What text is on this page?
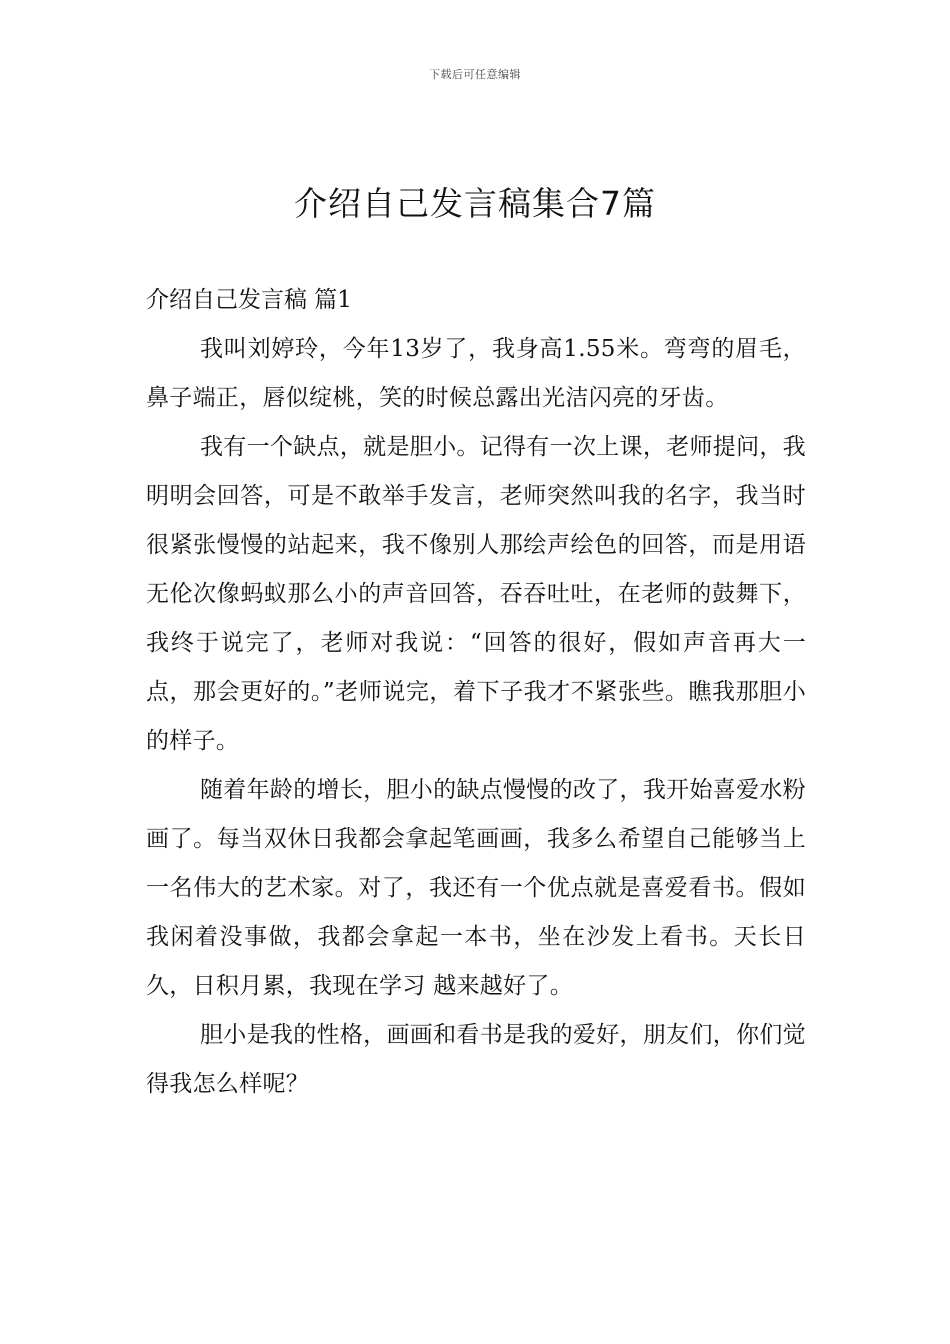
下载后可任意编辑
介绍自己发言稿集合7篇

介绍自己发言稿 篇1

我叫刘婷玲，今年13岁了，我身高1.55米。弯弯的眉毛，鼻子端正，唇似绽桃，笑的时候总露出光洁闪亮的牙齿。

我有一个缺点，就是胆小。记得有一次上课，老师提问，我明明会回答，可是不敢举手发言，老师突然叫我的名字，我当时很紧张慢慢的站起来，我不像别人那绘声绘色的回答，而是用语无伦次像蚂蚁那么小的声音回答，吞吞吐吐，在老师的鼓舞下，我终于说完了，老师对我说：“回答的很好，假如声音再大一点，那会更好的。”老师说完，着下子我才不紧张些。瞧我那胆小的样子。

随着年龄的增长，胆小的缺点慢慢的改了，我开始喜爱水粉画了。每当双休日我都会拿起笔画画，我多么希望自己能够当上一名伟大的艺术家。对了，我还有一个优点就是喜爱看书。假如我闲着没事做，我都会拿起一本书，坐在沙发上看书。天长日久，日积月累，我现在学习 越来越好了。

胆小是我的性格，画画和看书是我的爱好，朋友们，你们觉得我怎么样呢？
